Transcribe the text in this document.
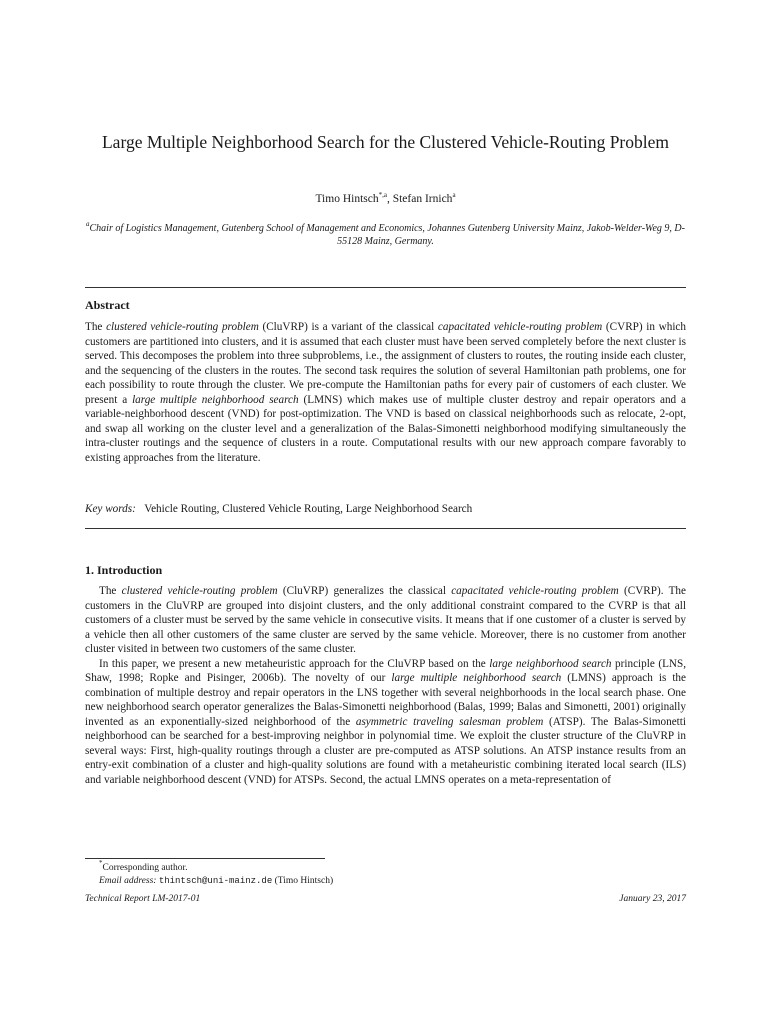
Large Multiple Neighborhood Search for the Clustered Vehicle-Routing Problem
Timo Hintsch$^{*,a}$, Stefan Irnich$^a$
$^a$Chair of Logistics Management, Gutenberg School of Management and Economics, Johannes Gutenberg University Mainz, Jakob-Welder-Weg 9, D-55128 Mainz, Germany.
Abstract

The clustered vehicle-routing problem (CluVRP) is a variant of the classical capacitated vehicle-routing problem (CVRP) in which customers are partitioned into clusters, and it is assumed that each cluster must have been served completely before the next cluster is served. This decomposes the problem into three subproblems, i.e., the assignment of clusters to routes, the routing inside each cluster, and the sequencing of the clusters in the routes. The second task requires the solution of several Hamiltonian path problems, one for each possibility to route through the cluster. We pre-compute the Hamiltonian paths for every pair of customers of each cluster. We present a large multiple neighborhood search (LMNS) which makes use of multiple cluster destroy and repair operators and a variable-neighborhood descent (VND) for post-optimization. The VND is based on classical neighborhoods such as relocate, 2-opt, and swap all working on the cluster level and a generalization of the Balas-Simonetti neighborhood modifying simultaneously the intra-cluster routings and the sequence of clusters in a route. Computational results with our new approach compare favorably to existing approaches from the literature.

Key words: Vehicle Routing, Clustered Vehicle Routing, Large Neighborhood Search
1. Introduction

The clustered vehicle-routing problem (CluVRP) generalizes the classical capacitated vehicle-routing problem (CVRP). The customers in the CluVRP are grouped into disjoint clusters, and the only additional constraint compared to the CVRP is that all customers of a cluster must be served by the same vehicle in consecutive visits. It means that if one customer of a cluster is served by a vehicle then all other customers of the same cluster are served by the same vehicle. Moreover, there is no customer from another cluster visited in between two customers of the same cluster.

In this paper, we present a new metaheuristic approach for the CluVRP based on the large neighborhood search principle (LNS, Shaw, 1998; Ropke and Pisinger, 2006b). The novelty of our large multiple neighborhood search (LMNS) approach is the combination of multiple destroy and repair operators in the LNS together with several neighborhoods in the local search phase. One new neighborhood search operator generalizes the Balas-Simonetti neighborhood (Balas, 1999; Balas and Simonetti, 2001) originally invented as an exponentially-sized neighborhood of the asymmetric traveling salesman problem (ATSP). The Balas-Simonetti neighborhood can be searched for a best-improving neighbor in polynomial time. We exploit the cluster structure of the CluVRP in several ways: First, high-quality routings through a cluster are pre-computed as ATSP solutions. An ATSP instance results from an entry-exit combination of a cluster and high-quality solutions are found with a metaheuristic combining iterated local search (ILS) and variable neighborhood descent (VND) for ATSPs. Second, the actual LMNS operates on a meta-representation of

*Corresponding author.
Email address: thintsch@uni-mainz.de (Timo Hintsch)
Technical Report LM-2017-01	January 23, 2017
